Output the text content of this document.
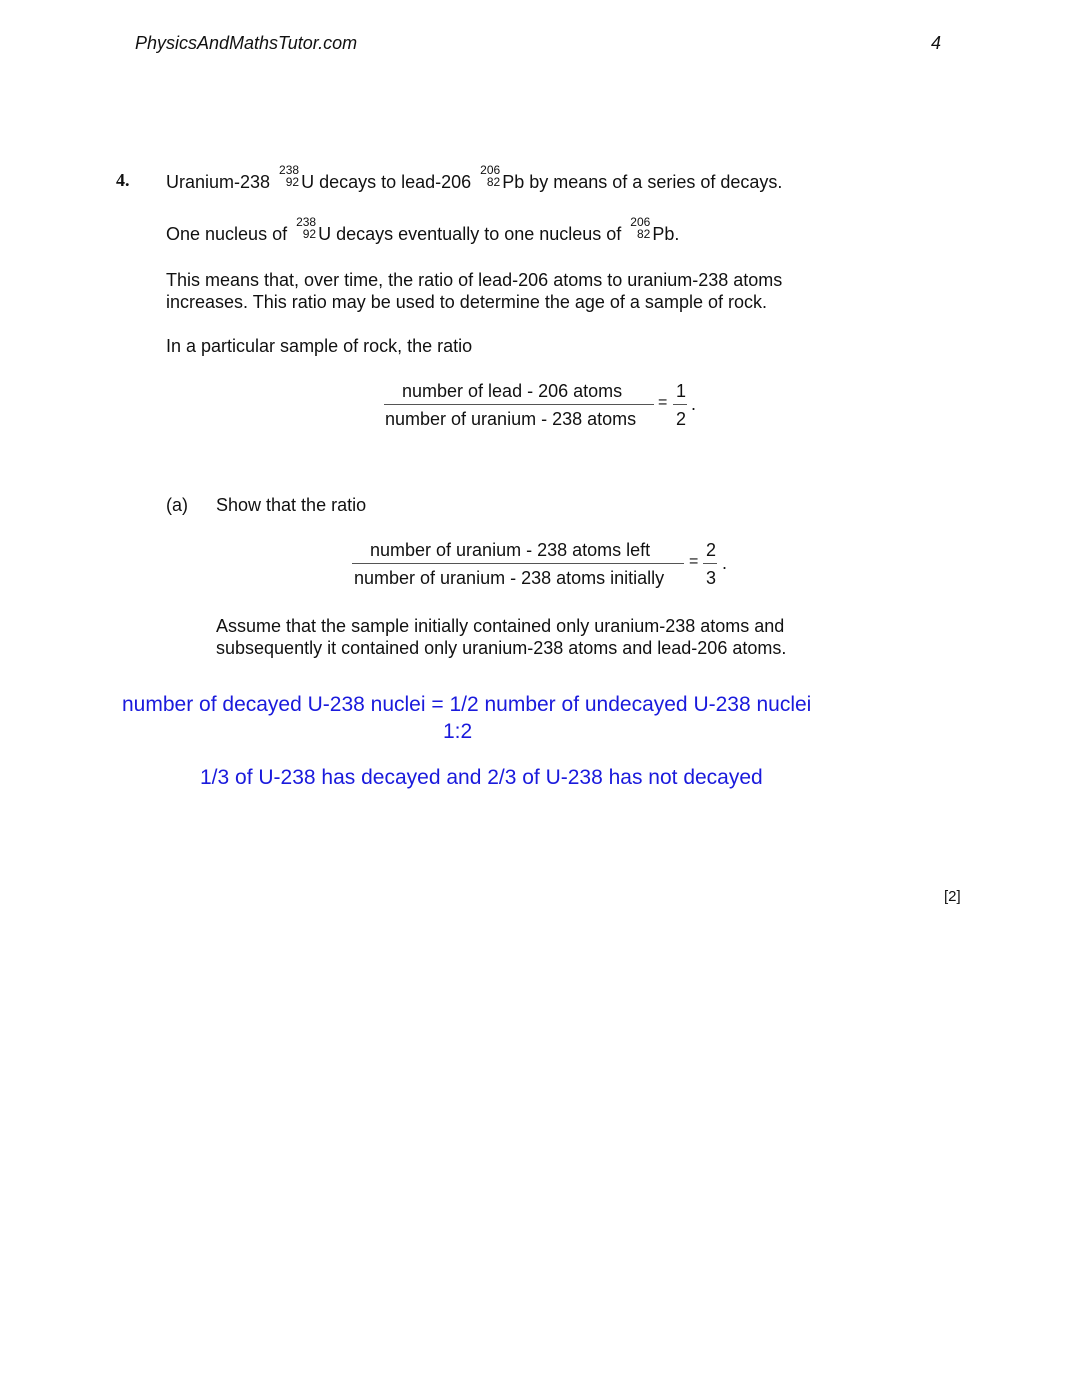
PhysicsAndMathsTutor.com	4
4. Uranium-238
238
92 U decays to lead-206
206
82 Pb by means of a series of decays.
One nucleus of
238
92 U decays eventually to one nucleus of
206
82 Pb.
This means that, over time, the ratio of lead-206 atoms to uranium-238 atoms
increases. This ratio may be used to determine the age of a sample of rock.
In a particular sample of rock, the ratio
number of lead - 206 atoms
number of uranium - 238 atoms
=
1
2
.
(a) Show that the ratio
number of uranium - 238 atoms left
number of uranium - 238 atoms initially
=
2
3
.
Assume that the sample initially contained only uranium-238 atoms and
subsequently it contained only uranium-238 atoms and lead-206 atoms.
number of decayed U-238 nuclei = 1/2 number of undecayed U-238 nuclei
1:2
1/3 of U-238 has decayed and 2/3 of U-238 has not decayed
[2]
